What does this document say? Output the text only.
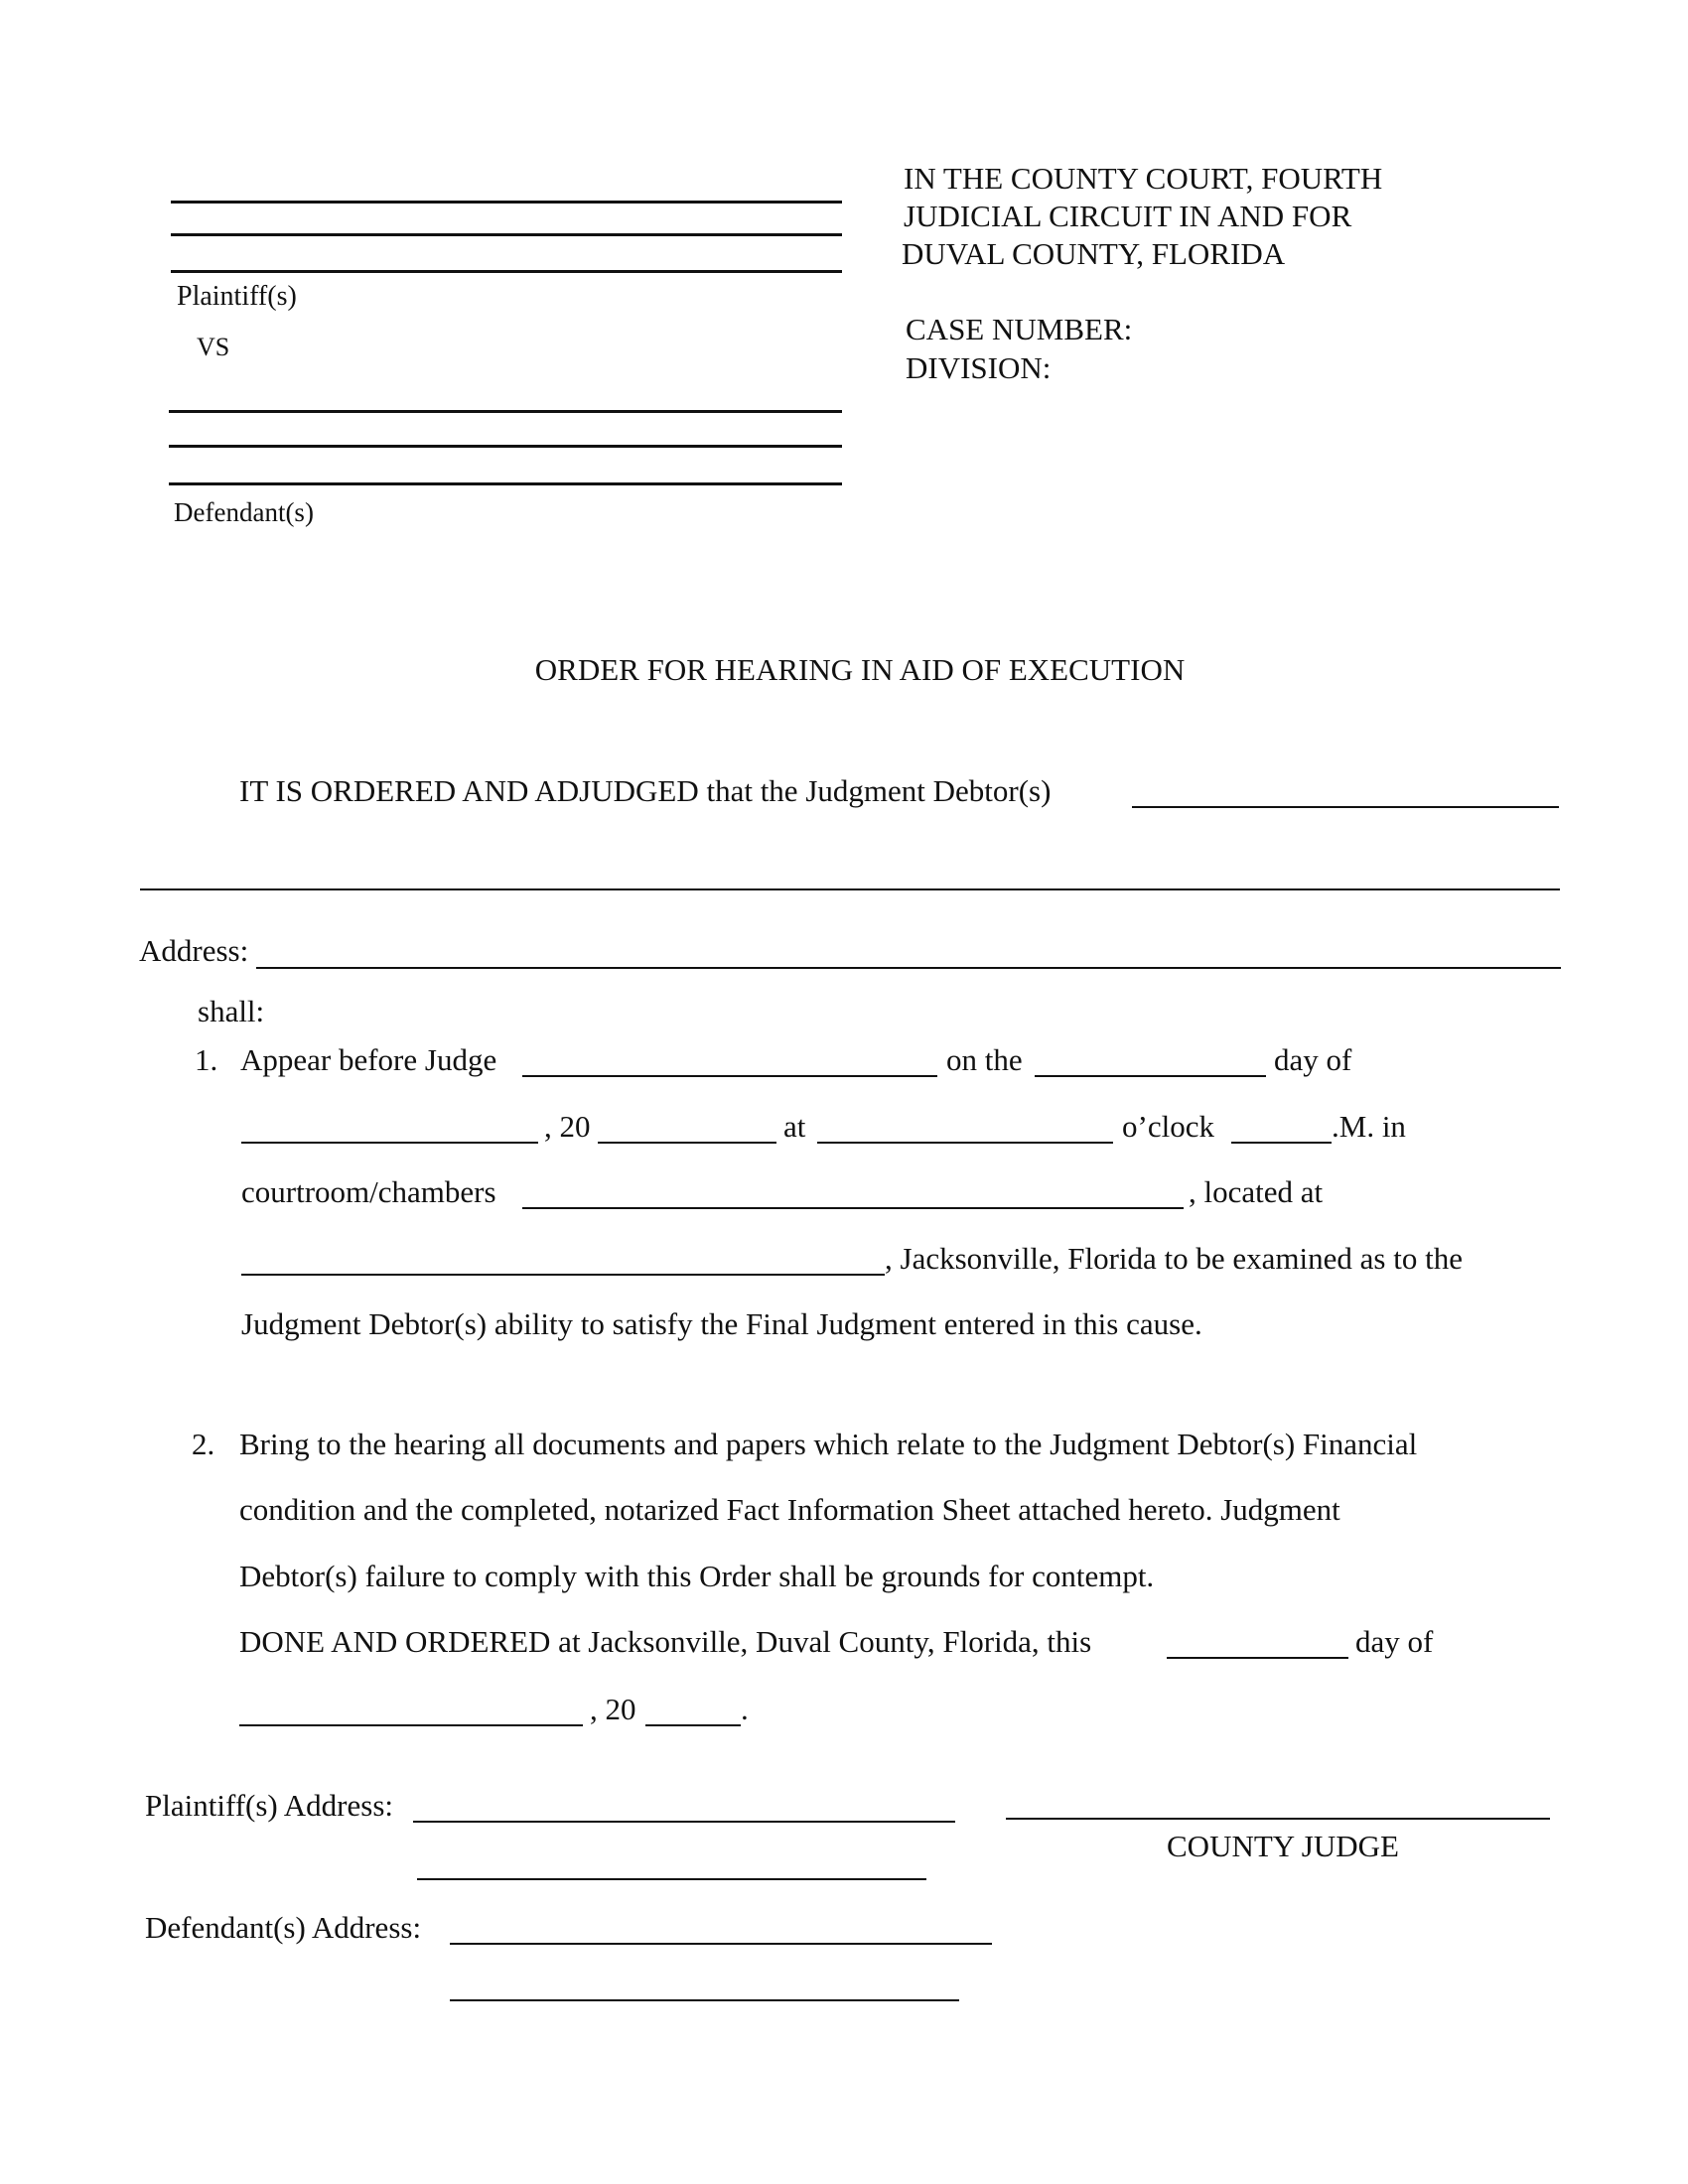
Plaintiff(s)
VS
Defendant(s)
IN THE COUNTY COURT, FOURTH
JUDICIAL CIRCUIT IN AND FOR
DUVAL COUNTY, FLORIDA
CASE NUMBER:
DIVISION:
ORDER FOR HEARING IN AID OF EXECUTION
IT IS ORDERED AND ADJUDGED that the Judgment Debtor(s)
Address:
shall:
1. Appear before Judge	on the	day of
, 20	at	o’clock	.M. in
courtroom/chambers	, located at
, Jacksonville, Florida to be examined as to the
Judgment Debtor(s) ability to satisfy the Final Judgment entered in this cause.
2. Bring to the hearing all documents and papers which relate to the Judgment Debtor(s) Financial
condition and the completed, notarized Fact Information Sheet attached hereto. Judgment
Debtor(s) failure to comply with this Order shall be grounds for contempt.
DONE AND ORDERED at Jacksonville, Duval County, Florida, this	day of
, 20	.
Plaintiff(s) Address:
COUNTY JUDGE
Defendant(s) Address:
